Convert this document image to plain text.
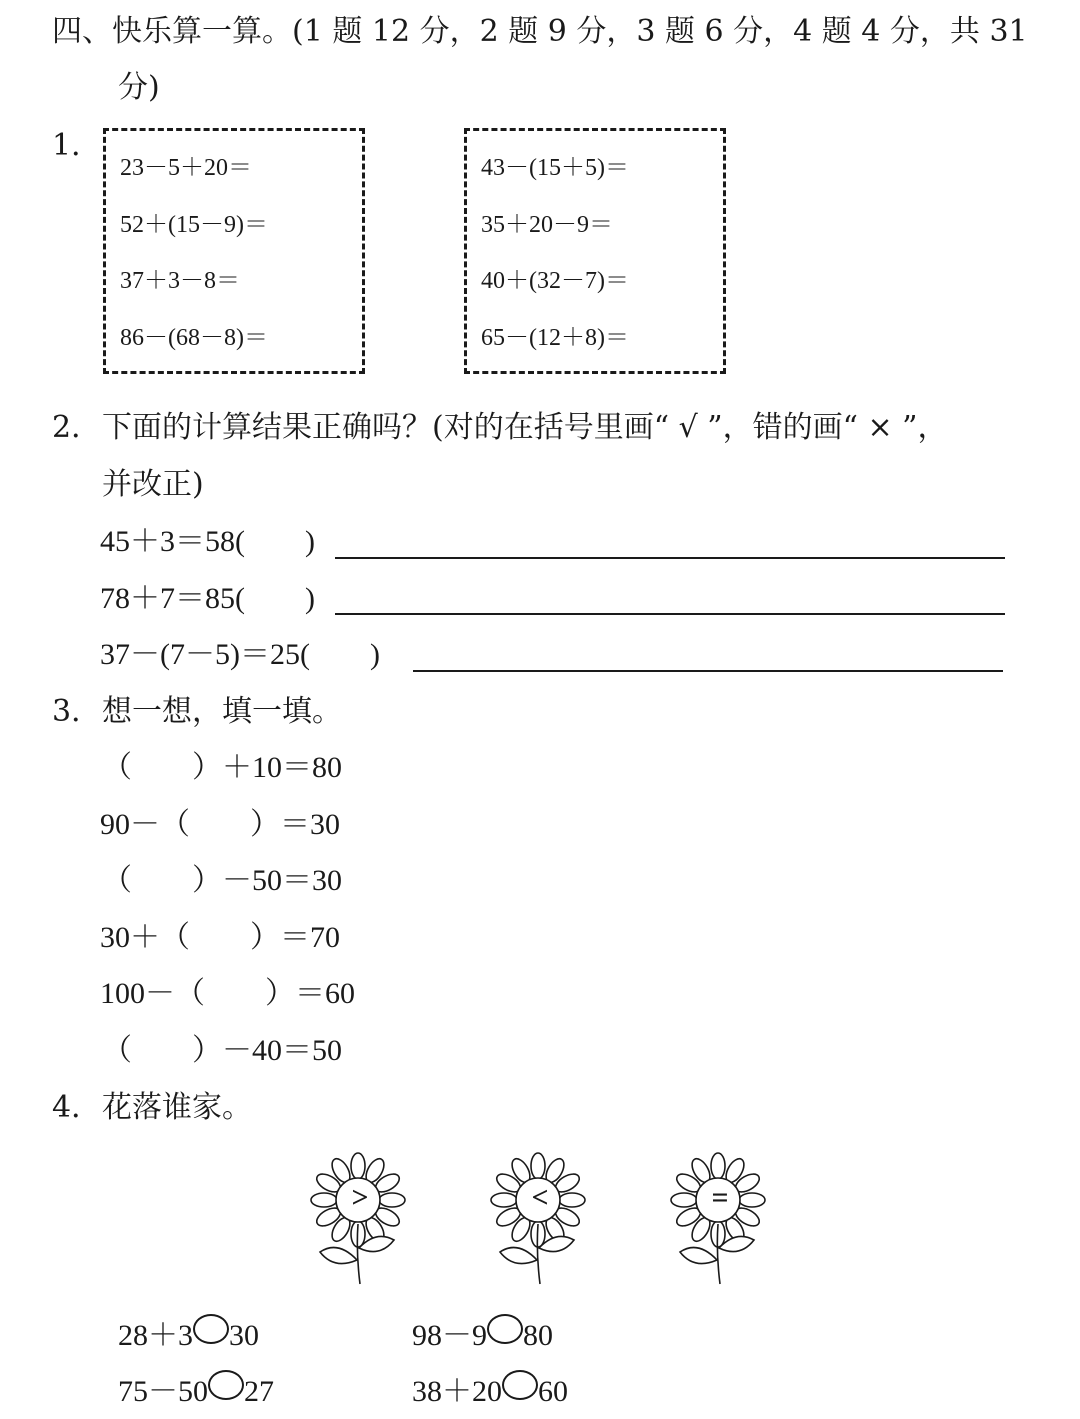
四、快乐算一算。(1 题 12 分，2 题 9 分，3 题 6 分，4 题 4 分，共 31
分)
1．
23－5＋20＝
52＋(15－9)＝
37＋3－8＝
86－(68－8)＝
43－(15＋5)＝
35＋20－9＝
40＋(32－7)＝
65－(12＋8)＝
2． 下面的计算结果正确吗？(对的在括号里画“ √ ”，错的画“ × ”，
并改正)
45＋3＝58(　　)
78＋7＝85(　　)
37－(7－5)＝25(　　)
3． 想一想，填一填。
（　　）＋10＝80
90－（　　）＝30
（　　）－50＝30
30＋（　　）＝70
100－（　　）＝60
（　　）－40＝50
4． 花落谁家。
>	<	=
28＋3 30	98－9 80
75－50 27	38＋20 60
